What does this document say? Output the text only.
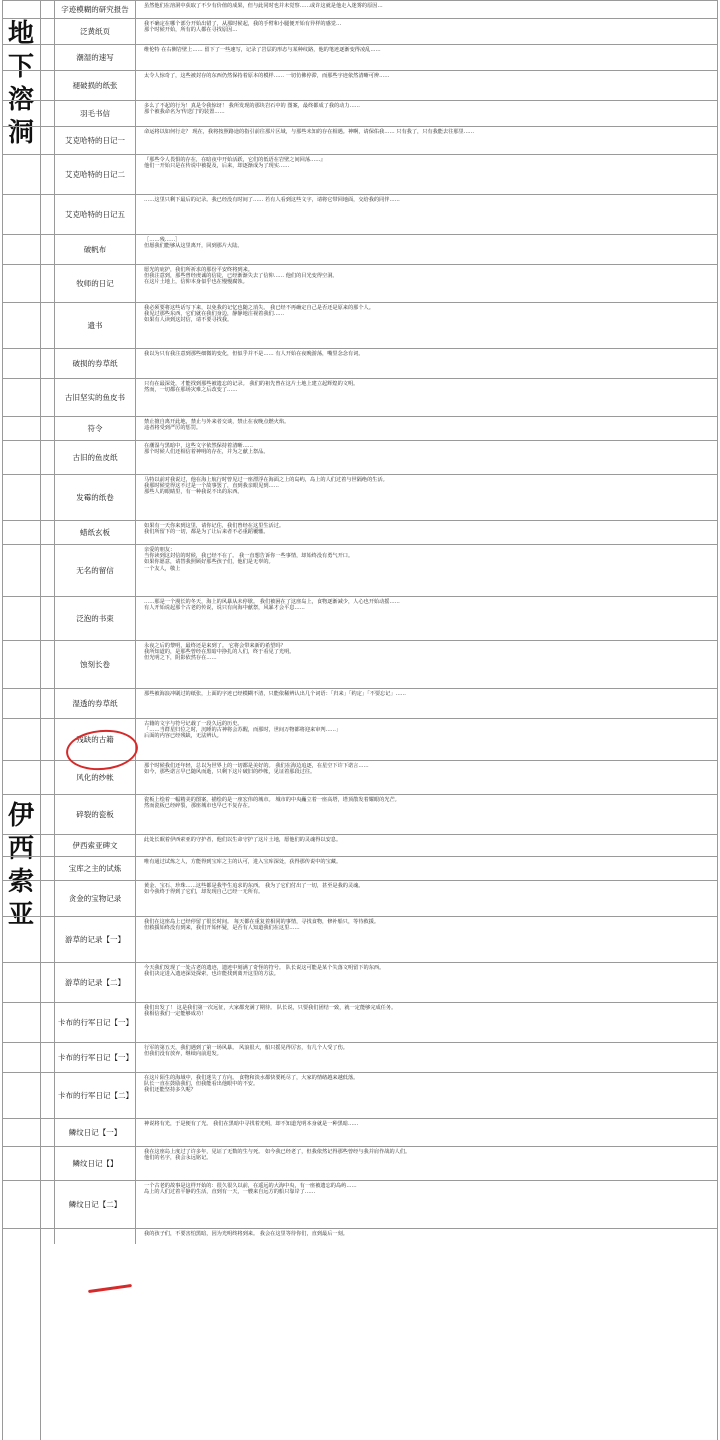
地下溶洞
伊西索亚
字迹模糊的研究报告	虽然他们在溶洞中获取了不少有价值的成果，但与此同时也并未觉察……或许这就是他走入迷雾的原因…

泛黄纸页

我不确定在哪个部分开始出错了，从那时候起，我的手臂和小腿便开始有异样的感觉…

那个时候开始，所有的人都在寻找原因…

潮湿的速写

维伦特 在右侧岩壁上…… 留下了一些速写，记录了岩层的形态与某种纹路，他的笔迹逐渐变得凌乱……

褪破损的纸张

太令人惊奇了，这些被封存的东西仍然保持着原本的模样…… 一切仿佛停滞，而那些字迹依然清晰可辨……

羽毛书信

多么了不起的行为！真是令我惊讶！ 我所发现的那块岩石中的 图案，最终都成了我的动力……

那个被我命名为'传送门'的装置……

艾克哈特的日记一

命运将以如何行走？ 现在，我将按照路途的指引前往那片区域，与那些未知的存在相遇。神啊，请保佑我…… 只有我了，只有我能去往那里……

艾克哈特的日记二

『那些令人畏惧的存在，在暗夜中开始活跃，它们的低语在岩壁之间回荡……』

他们一开始只是在传说中被提及，后来，却逐渐成为了现实……

艾克哈特的日记五

……这里只剩下最后的记录。我已经没有时间了…… 若有人看到这些文字，请将它带回地面，交给我的同伴……

破帆布

［……残……］

但愿我们能够从这里离开，回到那片大陆。

牧师的日记

愿光的庇护，我们所祈求的那份平安终将到来。

但我注意到，那些曾经虔诚的信徒，已经渐渐失去了信仰…… 他们的目光变得空洞。

在这片土地上，信仰本身似乎也在慢慢腐蚀。

遗书

我必须要将这些话写下来，以免我的记忆也随之消失。 我已经不再确定自己是否还是原来的那个人。

我见过那些东西，它们就在我们身边，静静地注视着我们……

如果有人读到这封信，请不要寻找我。

破损的券草纸

我以为只有我注意到那些细微的变化，但似乎并不是…… 有人开始在夜晚游荡，嘴里念念有词。

古旧坚实的鱼皮书

只有在最深处，才能找到那些被遗忘的记录。 我们的祖先曾在这片土地上建立起辉煌的文明。

然而，一切都在那场灾难之后改变了……

符令

禁止擅自离开此地，禁止与外来者交谈，禁止在夜晚点燃火焰。

违者将受到严厉的惩罚。

古旧的鱼皮纸

在潮湿与黑暗中，这些文字依然保持着清晰……

那个时候人们还相信着神明的存在，并为之献上祭品。

发霉的纸卷

马特以前对我说过，他在海上航行时曾见过一座漂浮在海面之上的岛屿，岛上的人们过着与世隔绝的生活。

我那时候觉得这不过是一个故事罢了，直到我亲眼见到……

那些人的眼睛里，有一种我说不出的东西。

蜡纸玄板

如果有一天你来到这里，请你记住，我们曾经在这里生活过。

我们所留下的一切，都是为了让后来者不必重蹈覆辙。

无名的留信

亲爱的朋友：

当你读到这封信的时候，我已经不在了。 我一直想告诉你一些事情，却始终没有勇气开口。

如果你愿意，请替我照顾好那些孩子们，他们是无辜的。

一个友人，敬上

泛泡的书束

……那是一个漫长的冬天，海上的风暴从未停歇。 我们被困在了这座岛上，食物逐渐减少，人心也开始动摇……

有人开始说起那个古老的传说，说只有向海中献祭，风暴才会平息……

蚀刻长卷

永夜之后的黎明，最终还是来到了。 它将会带来新的希望吗？

我所知道的，是那些曾经在黑暗中挣扎的人们，终于看见了光明。

但光明之下，阴影依然存在……

湿透的券草纸

那些被海浪冲刷过的纸张，上面的字迹已经模糊不清，只能依稀辨认出几个词语：「归来」「约定」「不要忘记」……

残缺的古籍

古籍的文字与符号记载了一段久远的历史。

「……当群星归位之时，沉睡的古神将会苏醒，而那时，世间万物都将迎来审判……」

后面的内容已经残缺，无法辨认。

风化的纱帐

那个时候我们还年轻，总以为世界上的一切都是美好的。 我们在海边追逐，在星空下许下诺言……

如今，那些诺言早已随风而逝，只剩下这片破旧的纱帐，见证着那段过往。

碎裂的瓷板

瓷板上绘着一幅精美的图案，描绘的是一座宏伟的城市。 城市的中央矗立着一座高塔，塔顶散发着耀眼的光芒。

然而瓷板已经碎裂，那座城市也早已不复存在。

伊西索亚碑文

此处长眠着伊西索亚的守护者，他们以生命守护了这片土地，愿他们的灵魂得以安息。

宝库之主的试炼

唯有通过试炼之人，方能得到宝库之主的认可，进入宝库深处，获得那传说中的宝藏。

贪金的宝物记录

黄金、宝石、珍珠……这些都是我毕生追求的东西。 我为了它们付出了一切，甚至是我的灵魂。

如今我终于得到了它们，却发现自己已经一无所有。

游草的记录【一】

我们在这座岛上已经停留了很长时间。 每天都在重复着相同的事情，寻找食物，修补船只，等待救援。

但救援始终没有到来，我们开始怀疑，是否有人知道我们在这里……

游草的记录【二】

今天我们发现了一处古老的遗迹，遗迹中刻满了奇怪的符号。 队长说这可能是某个失落文明留下的东西。

我们决定进入遗迹深处探索，也许能找到离开这里的方法。

卡布的行军日记【一】

我们出发了！ 这是我们第一次远征，大家都充满了期待。 队长说，只要我们团结一致，就一定能够完成任务。

我相信我们一定能够成功！

卡布的行军日记【一】

行军的第五天，我们遇到了第一场风暴。 风浪很大，船只摇晃得厉害，有几个人受了伤。

但我们没有放弃，继续向前进发。

卡布的行军日记【二】

在这片陌生的海域中，我们迷失了方向。 食物和淡水都快要耗尽了，大家的情绪越来越低落。

队长一直在鼓励我们，但我能看出他眼中的不安。

我们还能坚持多久呢？

鳞纹日记【一】

神说将有光，于是便有了光。 我们在黑暗中寻找着光明，却不知道光明本身就是一种黑暗……

鳞纹日记【】

我在这座岛上度过了许多年，见证了无数的生与死。 如今我已经老了，但我依然记得那些曾经与我并肩作战的人们。

他们的名字，我会永远铭记。

鳞纹日记【二】

一个古老的故事是这样开始的：很久很久以前，在遥远的大海中央，有一座被遗忘的岛屿……

岛上的人们过着平静的生活，直到有一天，一艘来自远方的船只靠岸了……

我的孩子们，不要害怕黑暗，因为光明终将到来。 我会在这里等待你们，直到最后一刻。
